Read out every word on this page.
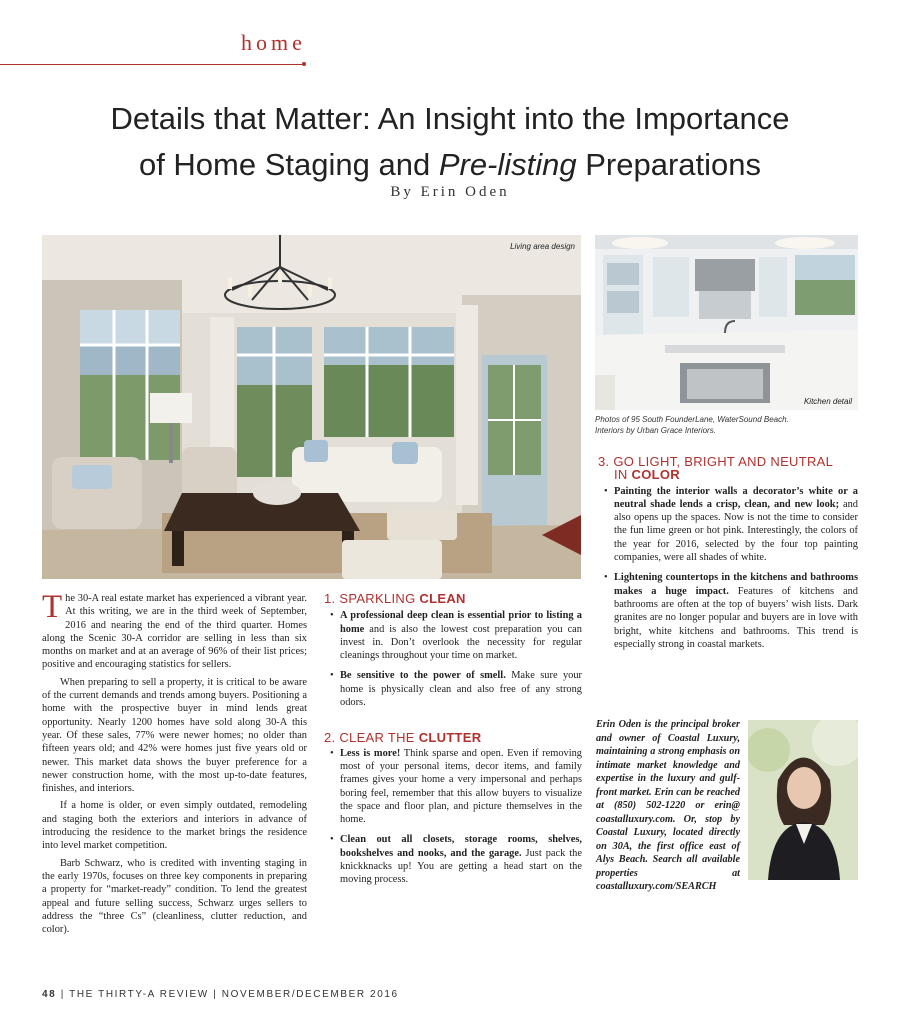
home
Details that Matter: An Insight into the Importance
of Home Staging and Pre-listing Preparations
By Erin Oden
Living area design
Kitchen detail
Photos of 95 South FounderLane, WaterSound Beach.
Interiors by Urban Grace Interiors.

The 30-A real estate market has experienced a vibrant year. At this writing, we are in the third week of September, 2016 and nearing the end of the third quarter. Homes along the Scenic 30-A corridor are selling in less than six months on market and at an average of 96% of their list prices; positive and encouraging statistics for sellers.

When preparing to sell a property, it is critical to be aware of the current demands and trends among buyers. Positioning a home with the prospective buyer in mind lends great opportunity. Nearly 1200 homes have sold along 30-A this year. Of these sales, 77% were newer homes; no older than fifteen years old; and 42% were homes just five years old or newer. This market data shows the buyer preference for a newer construction home, with the most up-to-date features, finishes, and interiors.

If a home is older, or even simply outdated, remodeling and staging both the exteriors and interiors in advance of introducing the residence to the market brings the residence into level market competition.

Barb Schwarz, who is credited with inventing staging in the early 1970s, focuses on three key components in preparing a property for “market-ready” condition. To lend the greatest appeal and future selling success, Schwarz urges sellers to address the “three Cs” (cleanliness, clutter reduction, and color).

1. SPARKLING CLEAN
• A professional deep clean is essential prior to listing a home and is also the lowest cost preparation you can invest in. Don’t overlook the necessity for regular cleanings throughout your time on market.
• Be sensitive to the power of smell. Make sure your home is physically clean and also free of any strong odors.
2. CLEAR THE CLUTTER
• Less is more! Think sparse and open. Even if removing most of your personal items, decor items, and family frames gives your home a very impersonal and perhaps boring feel, remember that this allow buyers to visualize the space and floor plan, and picture themselves in the home.
• Clean out all closets, storage rooms, shelves, bookshelves and nooks, and the garage. Just pack the knickknacks up! You are getting a head start on the moving process.
3. GO LIGHT, BRIGHT AND NEUTRAL
IN COLOR
• Painting the interior walls a decorator’s white or a neutral shade lends a crisp, clean, and new look; and also opens up the spaces. Now is not the time to consider the fun lime green or hot pink. Interestingly, the colors of the year for 2016, selected by the four top painting companies, were all shades of white.
• Lightening countertops in the kitchens and bathrooms makes a huge impact. Features of kitchens and bathrooms are often at the top of buyers’ wish lists. Dark granites are no longer popular and buyers are in love with bright, white kitchens and bathrooms. This trend is especially strong in coastal markets.
Erin Oden is the principal broker and owner of Coastal Luxury, maintaining a strong emphasis on intimate market knowledge and expertise in the luxury and gulf-front market. Erin can be reached at (850) 502-1220 or erin@ coastalluxury.com. Or, stop by Coastal Luxury, located directly on 30A, the first office east of Alys Beach. Search all available properties at coastalluxury.com/SEARCH
48 | THE THIRTY-A REVIEW | NOVEMBER/DECEMBER 2016
